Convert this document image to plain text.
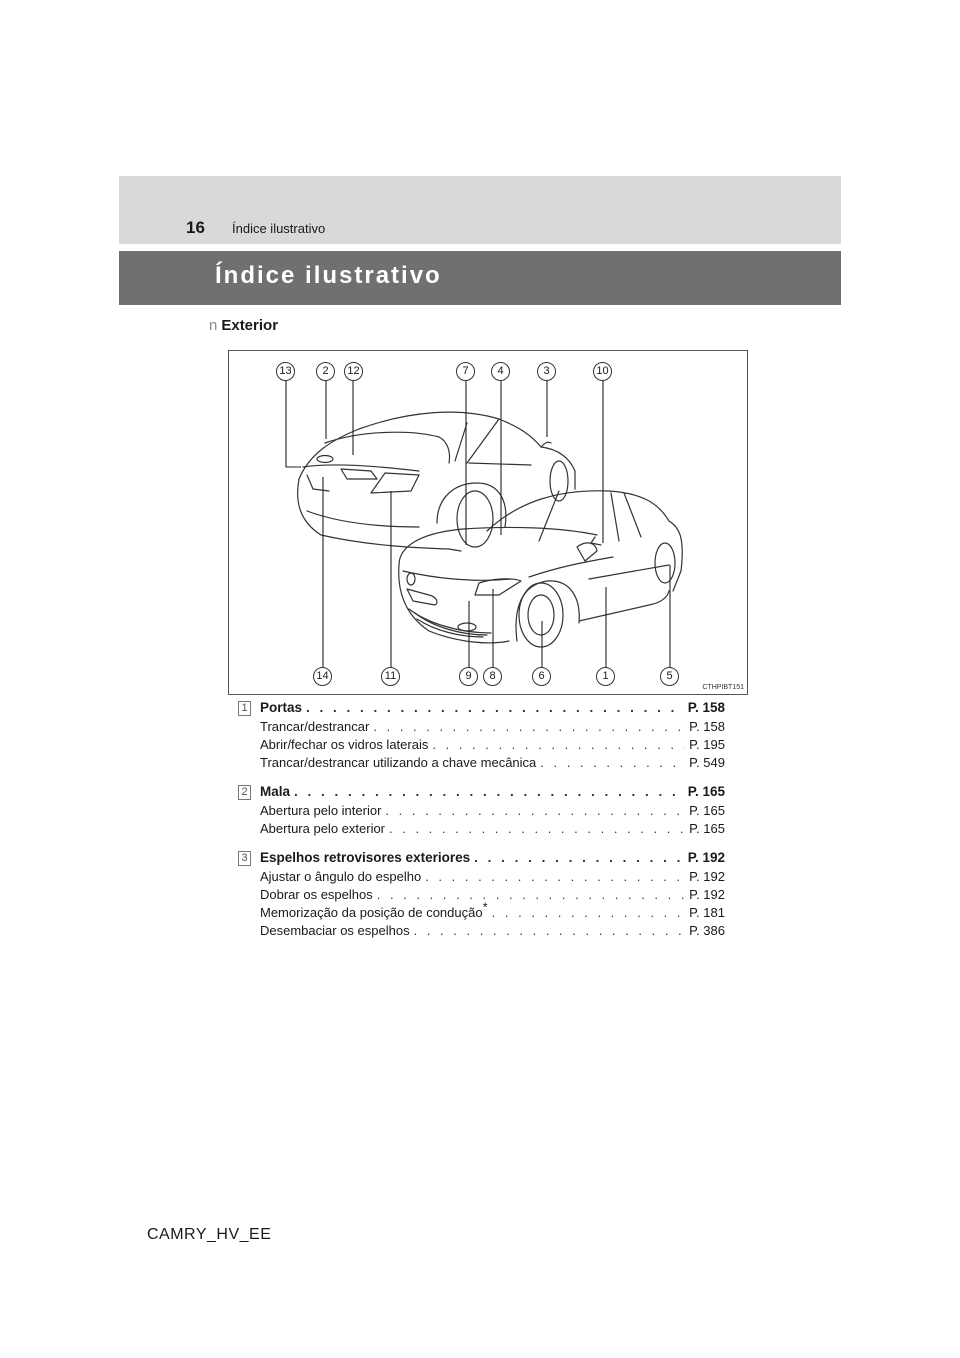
16 Índice ilustrativo
Índice ilustrativo
n Exterior
13	2	12	7	4	3	10
14	11	9	8	6	1	5
CTHPIBT151
1 Portas . . .	P. 158
Trancar/destrancar . . .	P. 158
Abrir/fechar os vidros laterais . . .	P. 195
Trancar/destrancar utilizando a chave mecânica . . .	P. 549
2 Mala . . .	P. 165
Abertura pelo interior . . .	P. 165
Abertura pelo exterior . . .	P. 165
3 Espelhos retrovisores exteriores . . .	P. 192
Ajustar o ângulo do espelho . . .	P. 192
Dobrar os espelhos . . .	P. 192
Memorização da posição de condução* . . .	P. 181
Desembaciar os espelhos . . .	P. 386
CAMRY_HV_EE
